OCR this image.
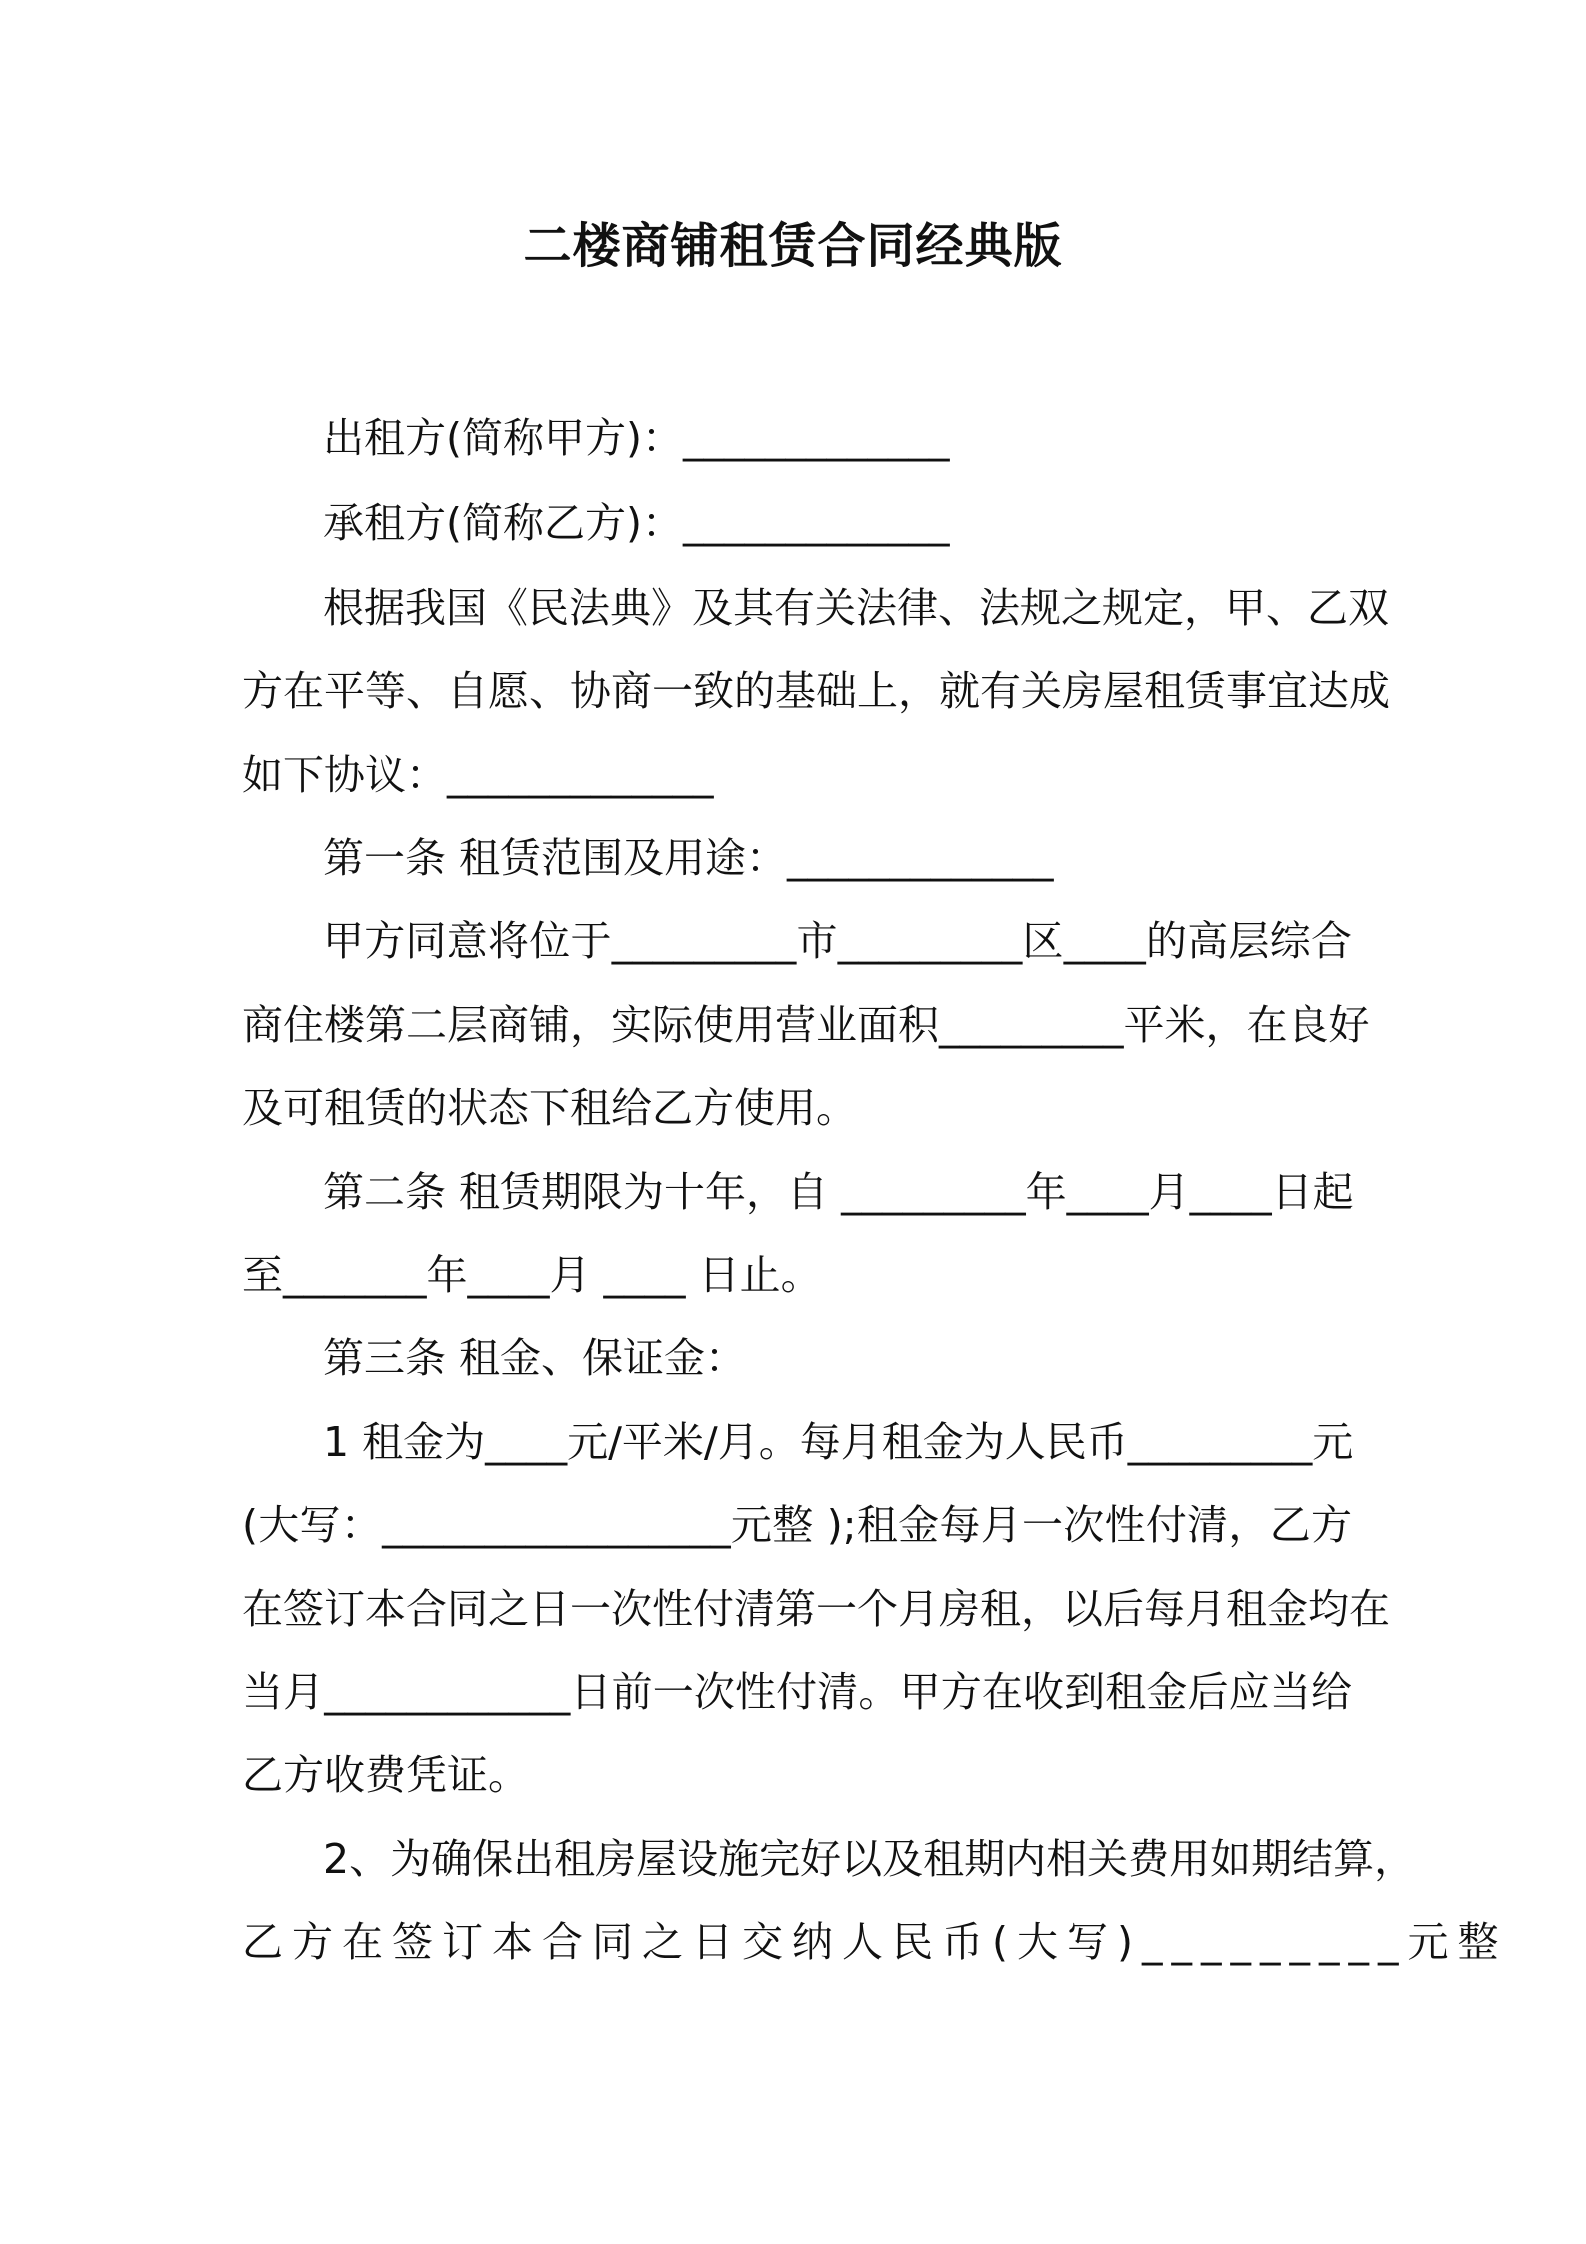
二楼商铺租赁合同经典版
出租方(简称甲方)：_____________
承租方(简称乙方)：_____________
根据我国《民法典》及其有关法律、法规之规定，甲、乙双
方在平等、自愿、协商一致的基础上，就有关房屋租赁事宜达成
如下协议：_____________
第一条 租赁范围及用途：_____________
甲方同意将位于_________市_________区____的高层综合
商住楼第二层商铺，实际使用营业面积_________平米，在良好
及可租赁的状态下租给乙方使用。
第二条 租赁期限为十年，自 _________年____月____日起
至_______年____月 ____ 日止。
第三条 租金、保证金：
1 租金为____元/平米/月。每月租金为人民币_________元
(大写：_________________元整 );租金每月一次性付清，乙方
在签订本合同之日一次性付清第一个月房租，以后每月租金均在
当月____________日前一次性付清。甲方在收到租金后应当给
乙方收费凭证。
2、为确保出租房屋设施完好以及租期内相关费用如期结算，
乙方在签订本合同之日交纳人民币(大写)_________元整
